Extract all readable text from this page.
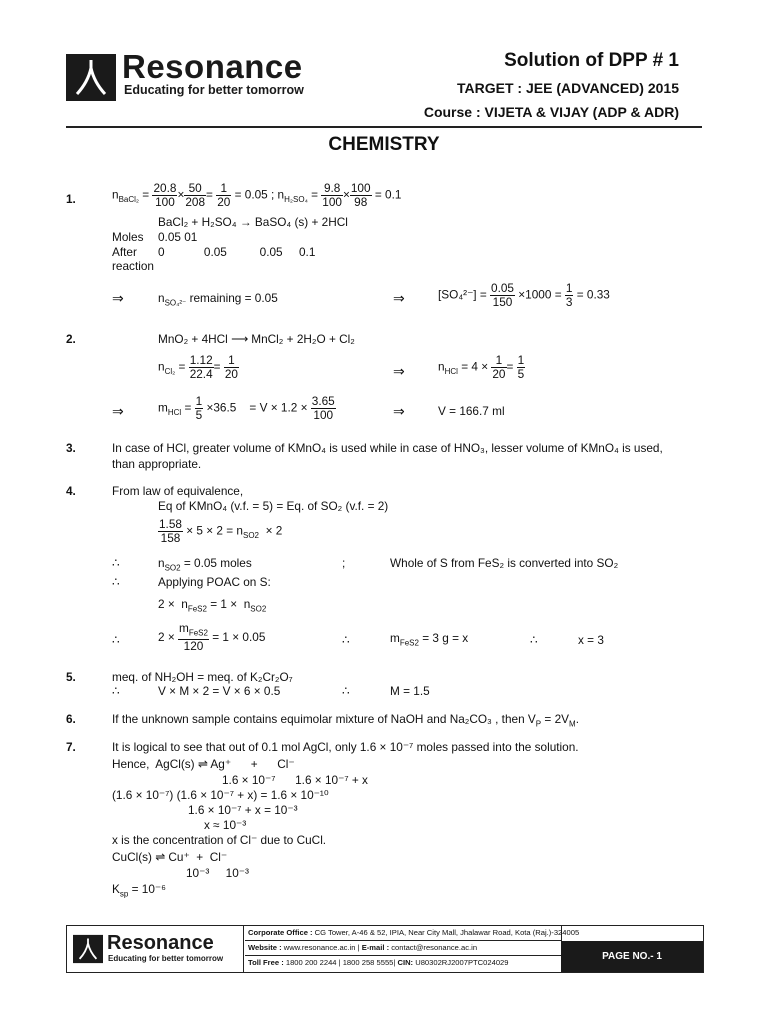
Resonance
Educating for better tomorrow
Solution of DPP # 1
TARGET : JEE (ADVANCED) 2015
Course : VIJETA & VIJAY (ADP & ADR)
CHEMISTRY
1.	$n_{BaCl_2} = \frac{20.8}{100} \times \frac{50}{208} = \frac{1}{20} = 0.05$ ; $n_{H_2SO_4} = \frac{9.8}{100} \times \frac{100}{98} = 0.1$
BaCl₂ + H₂SO₄ → BaSO₄ (s) + 2HCl
Moles 0.05 01
After 0            0.05          0.05     0.1
reaction
⇒	$n_{SO_4^{2-}}$ remaining = 0.05	⇒	$[SO_4^{2-}] = \frac{0.05}{150} \times 1000 = \frac{1}{3} = 0.33$
2.	MnO₂ + 4HCl ⟶ MnCl₂ + 2H₂O + Cl₂
$n_{Cl_2} = \frac{1.12}{22.4} = \frac{1}{20}$	⇒	$n_{HCl} = 4 \times \frac{1}{20} = \frac{1}{5}$
⇒	$m_{HCl} = \frac{1}{5} \times 36.5$    = $V \times 1.2 \times \frac{3.65}{100}$	⇒	V = 166.7 ml
3.	In case of HCl, greater volume of KMnO₄ is used while in case of HNO₃, lesser volume of KMnO₄ is used,
than appropriate.
4.	From law of equivalence,
Eq of KMnO₄ (v.f. = 5) = Eq. of SO₂ (v.f. = 2)
$\frac{1.58}{158} \times 5 \times 2 = n_{SO2} \times 2$
∴	$n_{SO2} = 0.05$ moles	;	Whole of S from FeS₂ is converted into SO₂
∴	Applying POAC on S:
$2 \times n_{FeS2} = 1 \times n_{SO2}$
∴	$2 \times \frac{m_{FeS2}}{120} = 1 \times 0.05$	∴	$m_{FeS2} = 3$ g = x	∴	x = 3
5.	meq. of NH₂OH = meq. of K₂Cr₂O₇
∴	V × M × 2 = V × 6 × 0.5	∴	M = 1.5
6.	If the unknown sample contains equimolar mixture of NaOH and Na₂CO₃ , then $V_P = 2V_M$.
7.	It is logical to see that out of 0.1 mol AgCl, only 1.6 × 10⁻⁷ moles passed into the solution.
Hence,  AgCl(s) ⇌ Ag⁺      +      Cl⁻
1.6 × 10⁻⁷      1.6 × 10⁻⁷ + x
(1.6 × 10⁻⁷) (1.6 × 10⁻⁷ + x) = 1.6 × 10⁻¹⁰
1.6 × 10⁻⁷ + x = 10⁻³
x ≈ 10⁻³
x is the concentration of Cl⁻ due to CuCl.
CuCl(s) ⇌ Cu⁺  +  Cl⁻
10⁻³     10⁻³
$K_{sp} = 10^{-6}$
Resonance
Educating for better tomorrow
Corporate Office : CG Tower, A-46 & 52, IPIA, Near City Mall, Jhalawar Road, Kota (Raj.)-324005
Website : www.resonance.ac.in | E-mail : contact@resonance.ac.in
Toll Free : 1800 200 2244 | 1800 258 5555| CIN: U80302RJ2007PTC024029
PAGE NO.- 1
